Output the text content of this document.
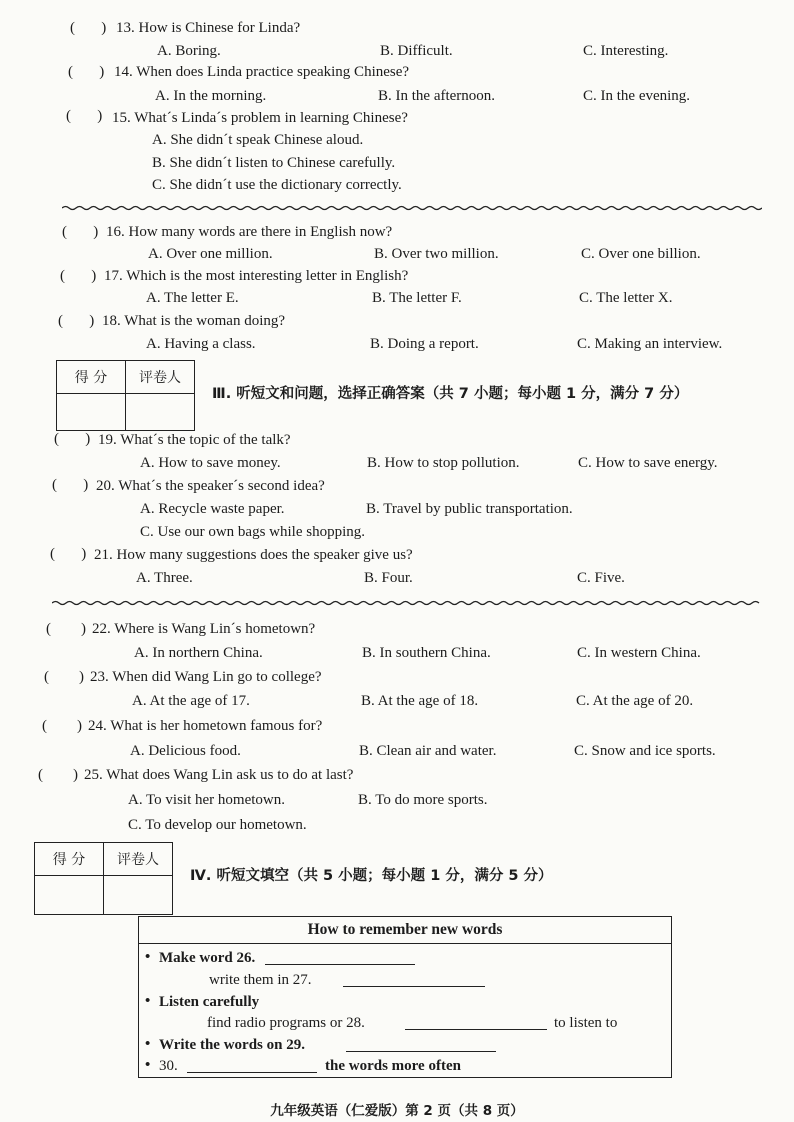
(       ) 13. How is Chinese for Linda?
A. Boring.	B. Difficult.	C. Interesting.
(       ) 14. When does Linda practice speaking Chinese?
A. In the morning.	B. In the afternoon.	C. In the evening.
(       ) 15. What´s Linda´s problem in learning Chinese?
A. She didn´t speak Chinese aloud.
B. She didn´t listen to Chinese carefully.
C. She didn´t use the dictionary correctly.
(       ) 16. How many words are there in English now?
A. Over one million.	B. Over two million.	C. Over one billion.
(       ) 17. Which is the most interesting letter in English?
A. The letter E.	B. The letter F.	C. The letter X.
(       ) 18. What is the woman doing?
A. Having a class.	B. Doing a report.	C. Making an interview.
得 分	评卷人

Ⅲ. 听短文和问题，选择正确答案（共 7 小题；每小题 1 分，满分 7 分）
(       ) 19. What´s the topic of the talk?
A. How to save money.	B. How to stop pollution.	C. How to save energy.
(       ) 20. What´s the speaker´s second idea?
A. Recycle waste paper.	B. Travel by public transportation.
C. Use our own bags while shopping.
(       ) 21. How many suggestions does the speaker give us?
A. Three.	B. Four.	C. Five.
(        ) 22. Where is Wang Lin´s hometown?
A. In northern China.	B. In southern China.	C. In western China.
(        ) 23. When did Wang Lin go to college?
A. At the age of 17.	B. At the age of 18.	C. At the age of 20.
(        ) 24. What is her hometown famous for?
A. Delicious food.	B. Clean air and water.	C. Snow and ice sports.
(        ) 25. What does Wang Lin ask us to do at last?
A. To visit her hometown.	B. To do more sports.
C. To develop our hometown.
得 分	评卷人

Ⅳ. 听短文填空（共 5 小题；每小题 1 分，满分 5 分）
How to remember new words
• Make word 26.
write them in 27.
• Listen carefully
find radio programs or 28.	to listen to
• Write the words on 29.
• 30.	the words more often
九年级英语（仁爱版）第 2 页（共 8 页）
